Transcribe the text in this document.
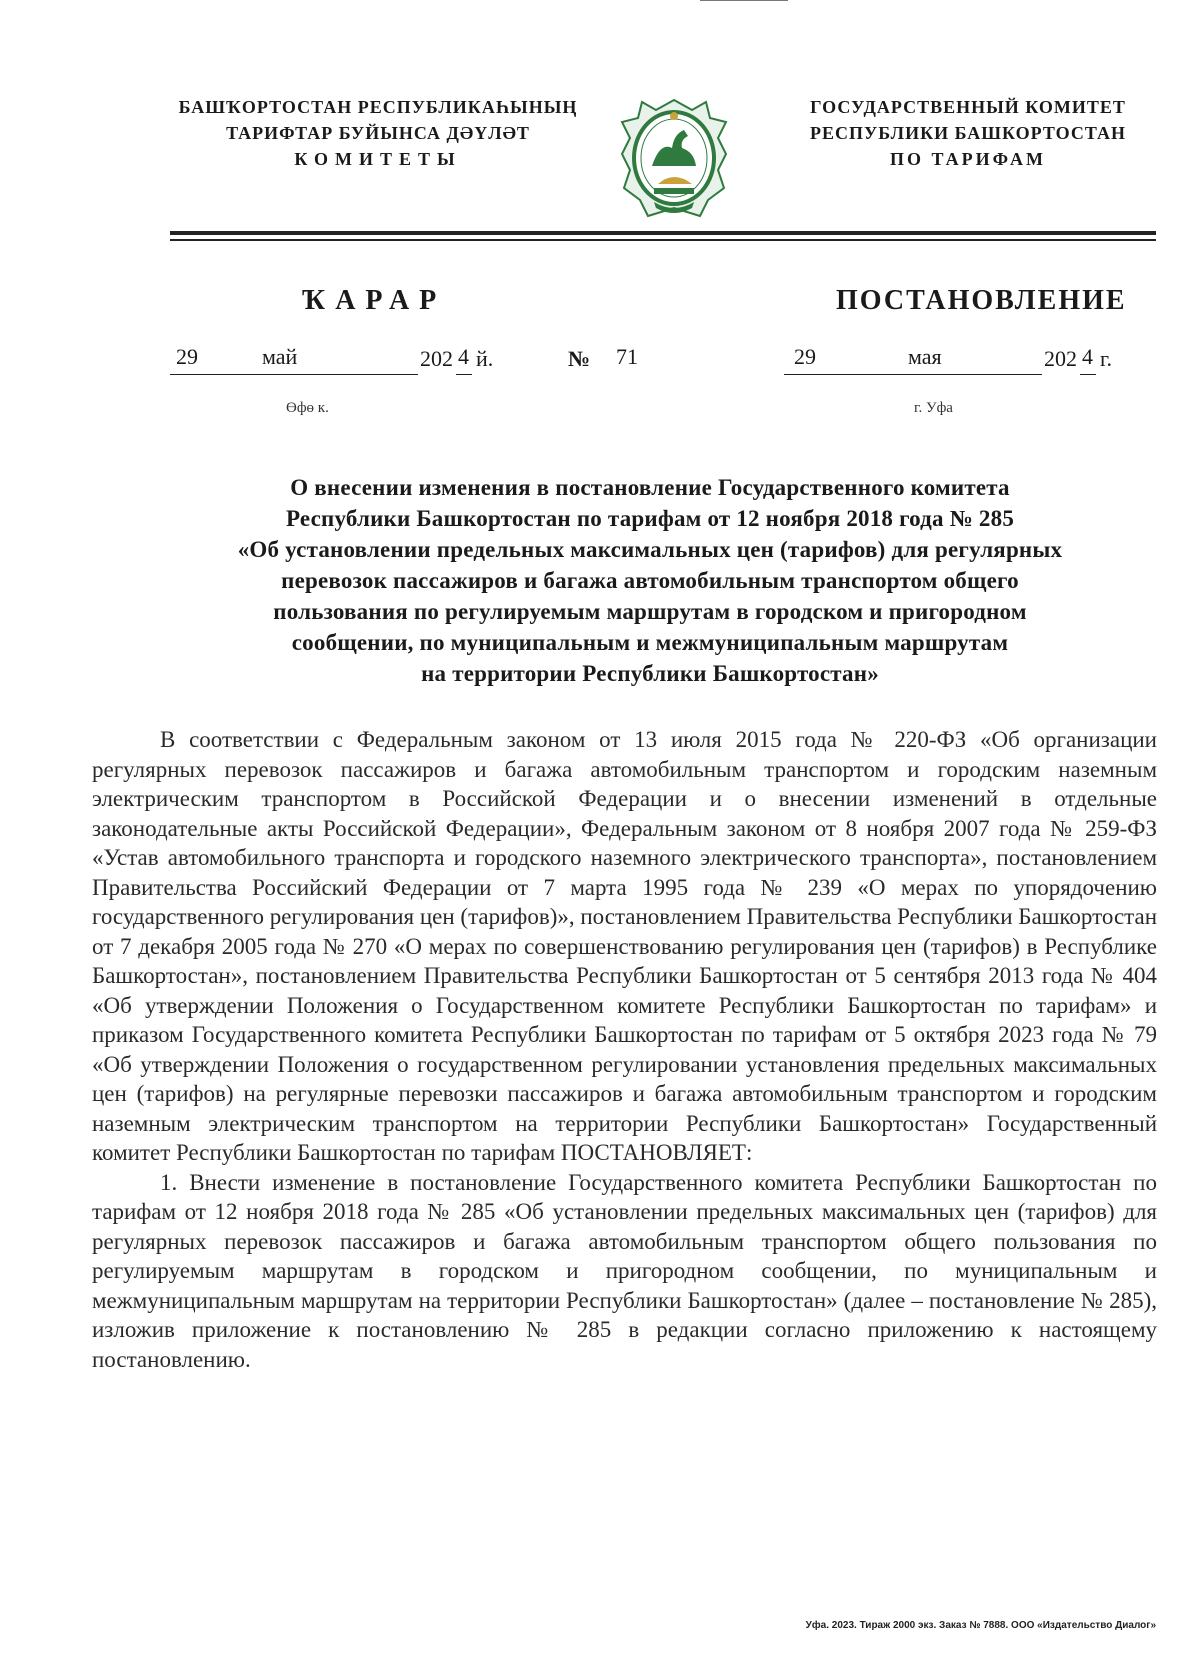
БАШҠОРТОСТАН РЕСПУБЛИКАҺЫНЫҢ
ТАРИФТАР БУЙЫНСА ДӘҮЛӘТ
КОМИТЕТЫ
ГОСУДАРСТВЕННЫЙ КОМИТЕТ
РЕСПУБЛИКИ БАШКОРТОСТАН
ПО ТАРИФАМ
ҠАРАР	ПОСТАНОВЛЕНИЕ
29	май	202 4 й.	№ 71	29	мая	202 4 г.
Өфө к.	г. Уфа
О внесении изменения в постановление Государственного комитета
Республики Башкортостан по тарифам от 12 ноября 2018 года № 285
«Об установлении предельных максимальных цен (тарифов) для регулярных
перевозок пассажиров и багажа автомобильным транспортом общего
пользования по регулируемым маршрутам в городском и пригородном
сообщении, по муниципальным и межмуниципальным маршрутам
на территории Республики Башкортостан»

В соответствии с Федеральным законом от 13 июля 2015 года № 220-ФЗ «Об организации регулярных перевозок пассажиров и багажа автомобильным транспортом и городским наземным электрическим транспортом в Российской Федерации и о внесении изменений в отдельные законодательные акты Российской Федерации», Федеральным законом от 8 ноября 2007 года № 259-ФЗ «Устав автомобильного транспорта и городского наземного электрического транспорта», постановлением Правительства Российский Федерации от 7 марта 1995 года № 239 «О мерах по упорядочению государственного регулирования цен (тарифов)», постановлением Правительства Республики Башкортостан от 7 декабря 2005 года № 270 «О мерах по совершенствованию регулирования цен (тарифов) в Республике Башкортостан», постановлением Правительства Республики Башкортостан от 5 сентября 2013 года № 404 «Об утверждении Положения о Государственном комитете Республики Башкортостан по тарифам» и приказом Государственного комитета Республики Башкортостан по тарифам от 5 октября 2023 года № 79 «Об утверждении Положения о государственном регулировании установления предельных максимальных цен (тарифов) на регулярные перевозки пассажиров и багажа автомобильным транспортом и городским наземным электрическим транспортом на территории Республики Башкортостан» Государственный комитет Республики Башкортостан по тарифам ПОСТАНОВЛЯЕТ:

1. Внести изменение в постановление Государственного комитета Республики Башкортостан по тарифам от 12 ноября 2018 года № 285 «Об установлении предельных максимальных цен (тарифов) для регулярных перевозок пассажиров и багажа автомобильным транспортом общего пользования по регулируемым маршрутам в городском и пригородном сообщении, по муниципальным и межмуниципальным маршрутам на территории Республики Башкортостан» (далее – постановление № 285), изложив приложение к постановлению № 285 в редакции согласно приложению к настоящему постановлению.

Уфа. 2023. Тираж 2000 экз. Заказ № 7888. ООО «Издательство Диалог»
